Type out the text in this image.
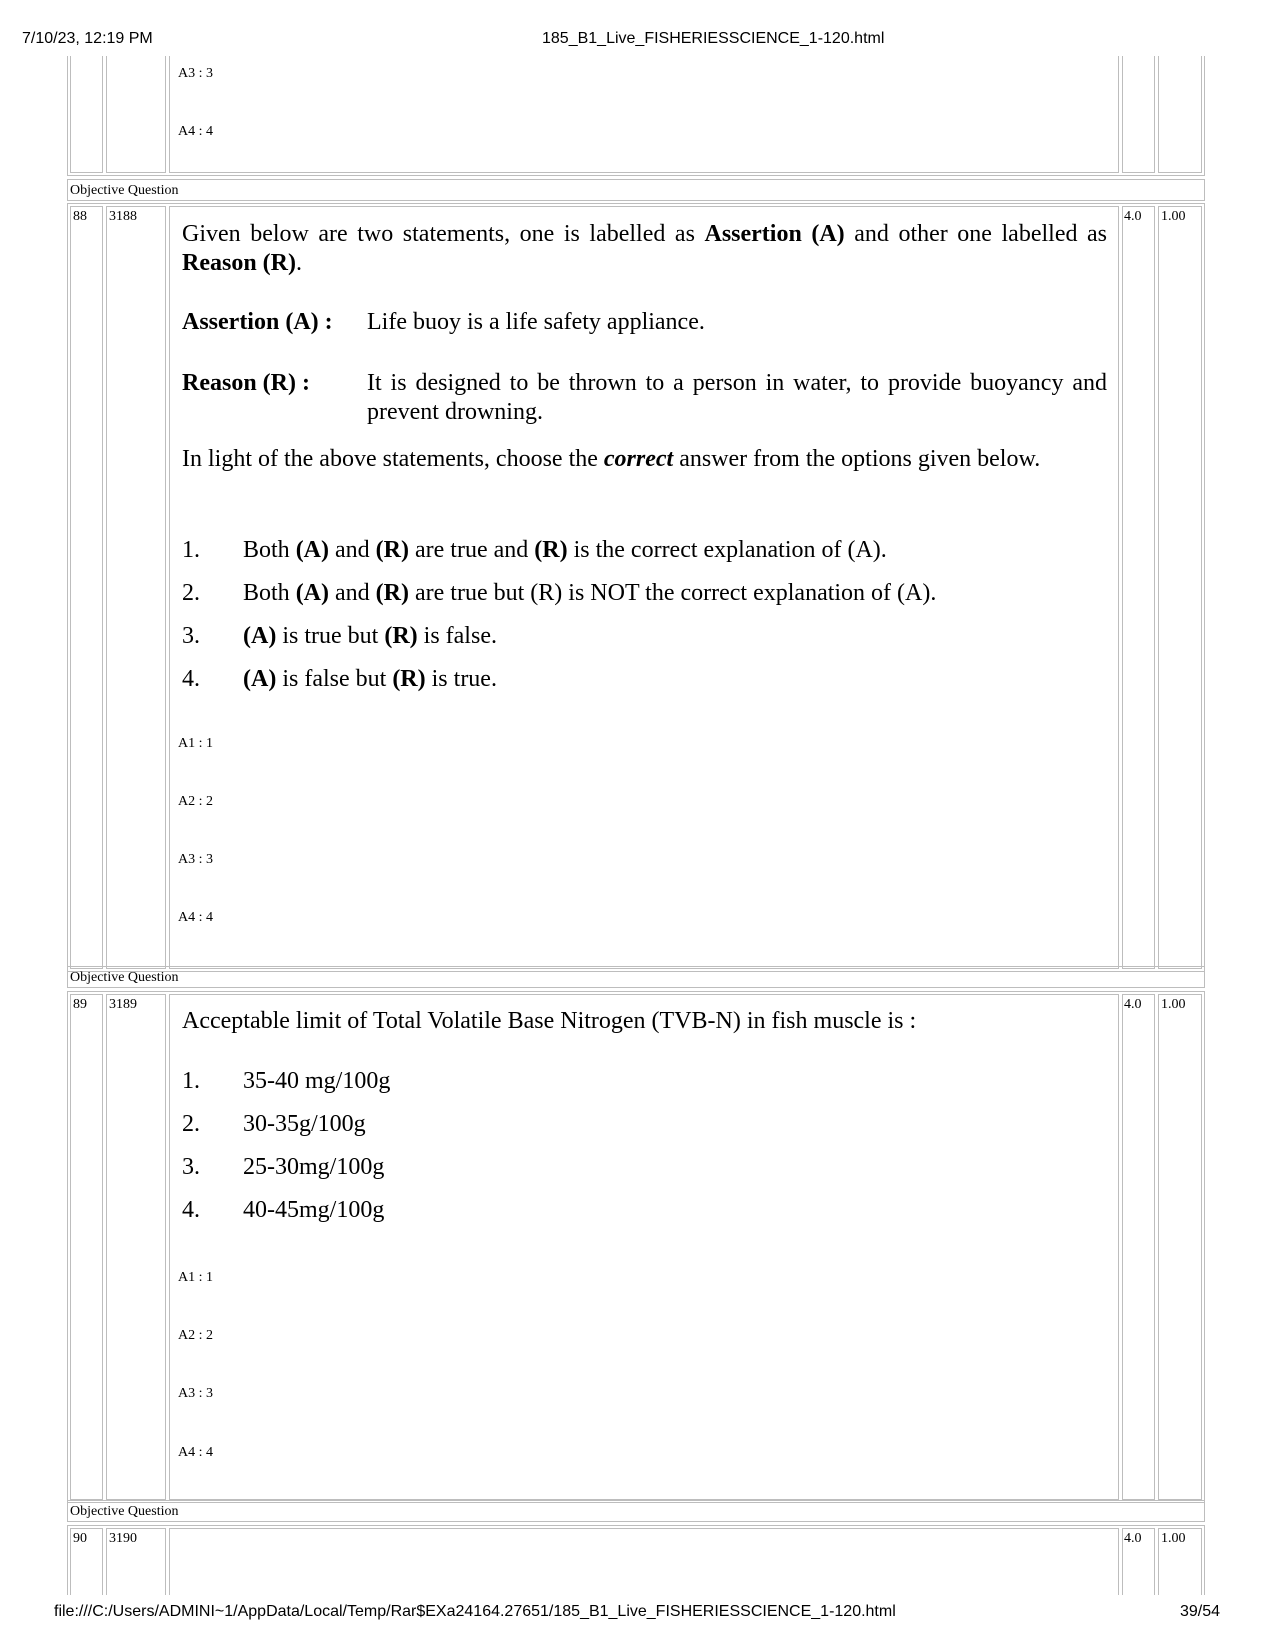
7/10/23, 12:19 PM	185_B1_Live_FISHERIESSCIENCE_1-120.html
A3 : 3
A4 : 4
Objective Question
88 3188	4.0 1.00
Given below are two statements, one is labelled as Assertion (A) and other one labelled as Reason (R).
Assertion (A) : Life buoy is a life safety appliance.
Reason (R) : It is designed to be thrown to a person in water, to provide buoyancy and prevent drowning.
In light of the above statements, choose the correct answer from the options given below.
1. Both (A) and (R) are true and (R) is the correct explanation of (A).
2. Both (A) and (R) are true but (R) is NOT the correct explanation of (A).
3. (A) is true but (R) is false.
4. (A) is false but (R) is true.
A1 : 1
A2 : 2
A3 : 3
A4 : 4
Objective Question
89 3189	4.0 1.00
Acceptable limit of Total Volatile Base Nitrogen (TVB-N) in fish muscle is :
1. 35-40 mg/100g
2. 30-35g/100g
3. 25-30mg/100g
4. 40-45mg/100g
A1 : 1
A2 : 2
A3 : 3
A4 : 4
Objective Question
90 3190	4.0 1.00
file:///C:/Users/ADMINI~1/AppData/Local/Temp/Rar$EXa24164.27651/185_B1_Live_FISHERIESSCIENCE_1-120.html	39/54
